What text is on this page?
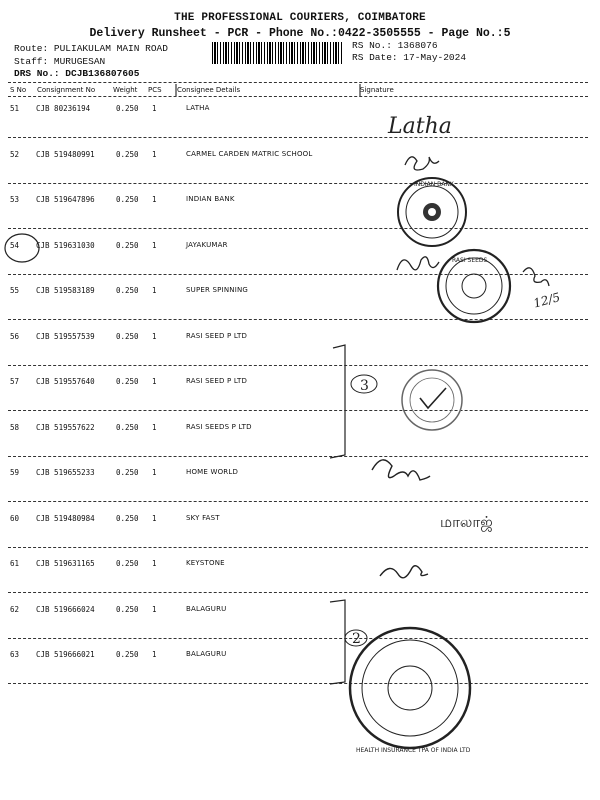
THE PROFESSIONAL COURIERS, COIMBATORE
Delivery Runsheet - PCR - Phone No.:0422-3505555 - Page No.:5
Route: PULIAKULAM MAIN ROAD
Staff: MURUGESAN
DRS No.: DCJB136807605
RS No.: 1368076
RS Date: 17-May-2024
S No Consignment No	Weight PCS Consignee Details	Signature
51 CJB 80236194	0.250 1	LATHA
52 CJB 519480991	0.250 1	CARMEL CARDEN MATRIC SCHOOL
53 CJB 519647896	0.250 1	INDIAN BANK
54 CJB 519631030	0.250 1	JAYAKUMAR
55 CJB 519583189	0.250 1	SUPER SPINNING
56 CJB 519557539	0.250 1	RASI SEED P LTD
57 CJB 519557640	0.250 1	RASI SEED P LTD
58 CJB 519557622	0.250 1	RASI SEEDS P LTD
59 CJB 519655233	0.250 1	HOME WORLD
60 CJB 519480984	0.250 1	SKY FAST
61 CJB 519631165	0.250 1	KEYSTONE
62 CJB 519666024	0.250 1	BALAGURU
63 CJB 519666021	0.250 1	BALAGURU
Latha
INDIAN BANK
RASI SEEDS
12/5
3
மாலாஜ்
2
HEALTH INSURANCE TPA OF INDIA LTD
